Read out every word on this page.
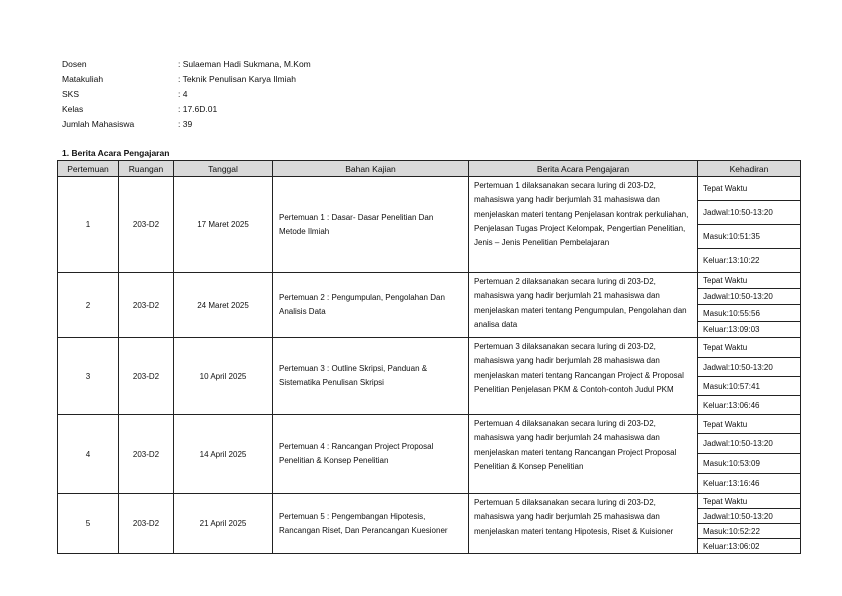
Dosen	: Sulaeman Hadi Sukmana, M.Kom
Matakuliah	: Teknik Penulisan Karya Ilmiah
SKS	: 4
Kelas	: 17.6D.01
Jumlah Mahasiswa	: 39
1. Berita Acara Pengajaran
Pertemuan	Ruangan	Tanggal	Bahan Kajian	Berita Acara Pengajaran	Kehadiran
1	203-D2	17 Maret 2025	Pertemuan 1 : Dasar- Dasar Penelitian Dan Metode Ilmiah	Pertemuan 1 dilaksanakan secara luring di 203-D2, mahasiswa yang hadir berjumlah 31 mahasiswa dan menjelaskan materi tentang Penjelasan kontrak perkuliahan, Penjelasan Tugas Project Kelompak, Pengertian Penelitian, Jenis – Jenis Penelitian Pembelajaran	Tepat Waktu
					Jadwal:10:50-13:20
					Masuk:10:51:35
					Keluar:13:10:22
2	203-D2	24 Maret 2025	Pertemuan 2 : Pengumpulan, Pengolahan Dan Analisis Data	Pertemuan 2 dilaksanakan secara luring di 203-D2, mahasiswa yang hadir berjumlah 21 mahasiswa dan menjelaskan materi tentang Pengumpulan, Pengolahan dan analisa data	Tepat Waktu
					Jadwal:10:50-13:20
					Masuk:10:55:56
					Keluar:13:09:03
3	203-D2	10 April 2025	Pertemuan 3 : Outline Skripsi, Panduan & Sistematika Penulisan Skripsi	Pertemuan 3 dilaksanakan secara luring di 203-D2, mahasiswa yang hadir berjumlah 28 mahasiswa dan menjelaskan materi tentang Rancangan Project & Proposal Penelitian Penjelasan PKM & Contoh-contoh Judul PKM	Tepat Waktu
					Jadwal:10:50-13:20
					Masuk:10:57:41
					Keluar:13:06:46
4	203-D2	14 April 2025	Pertemuan 4 : Rancangan Project Proposal Penelitian & Konsep Penelitian	Pertemuan 4 dilaksanakan secara luring di 203-D2, mahasiswa yang hadir berjumlah 24 mahasiswa dan menjelaskan materi tentang Rancangan Project Proposal Penelitian & Konsep Penelitian	Tepat Waktu
					Jadwal:10:50-13:20
					Masuk:10:53:09
					Keluar:13:16:46
5	203-D2	21 April 2025	Pertemuan 5 : Pengembangan Hipotesis, Rancangan Riset, Dan Perancangan Kuesioner	Pertemuan 5 dilaksanakan secara luring di 203-D2, mahasiswa yang hadir berjumlah 25 mahasiswa dan menjelaskan materi tentang Hipotesis, Riset & Kuisioner	Tepat Waktu
					Jadwal:10:50-13:20
					Masuk:10:52:22
					Keluar:13:06:02
